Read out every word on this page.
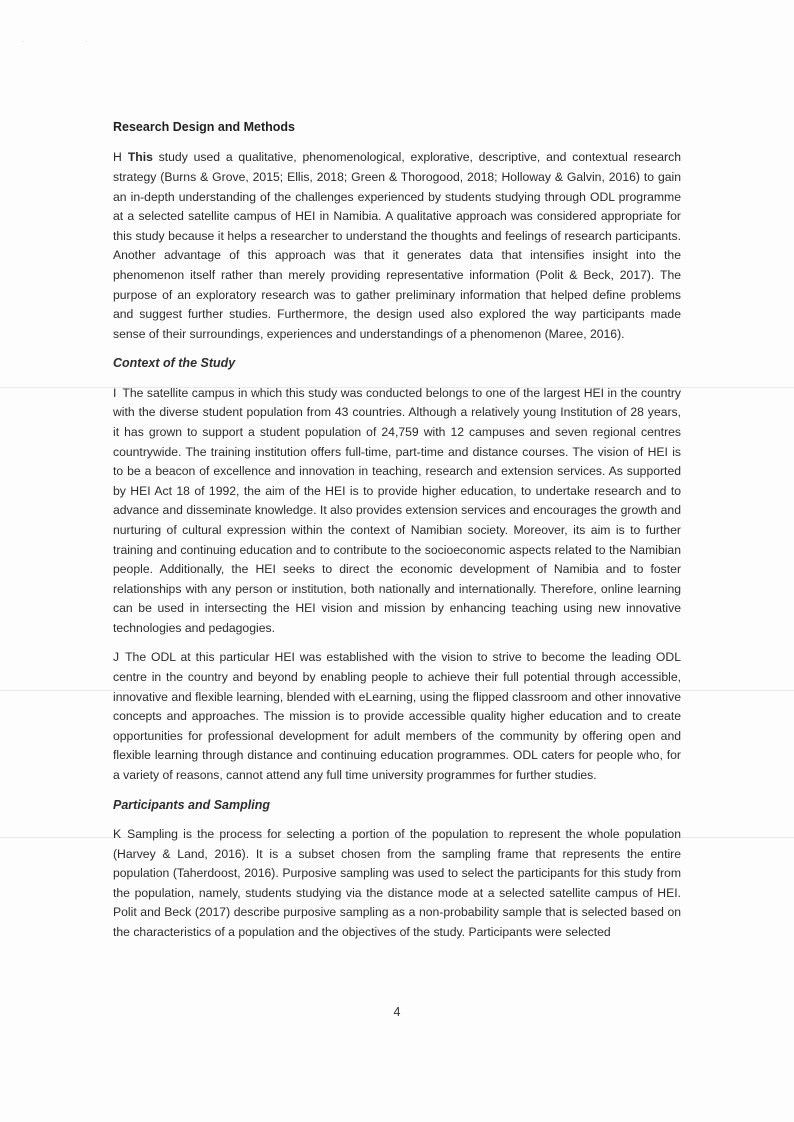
. .
Research Design and Methods

H This study used a qualitative, phenomenological, explorative, descriptive, and contextual research strategy (Burns & Grove, 2015; Ellis, 2018; Green & Thorogood, 2018; Holloway & Galvin, 2016) to gain an in-depth understanding of the challenges experienced by students studying through ODL programme at a selected satellite campus of HEI in Namibia. A qualitative approach was considered appropriate for this study because it helps a researcher to understand the thoughts and feelings of research participants. Another advantage of this approach was that it generates data that intensifies insight into the phenomenon itself rather than merely providing representative information (Polit & Beck, 2017). The purpose of an exploratory research was to gather preliminary information that helped define problems and suggest further studies. Furthermore, the design used also explored the way participants made sense of their surroundings, experiences and understandings of a phenomenon (Maree, 2016).

Context of the Study

I The satellite campus in which this study was conducted belongs to one of the largest HEI in the country with the diverse student population from 43 countries. Although a relatively young Institution of 28 years, it has grown to support a student population of 24,759 with 12 campuses and seven regional centres countrywide. The training institution offers full-time, part-time and distance courses. The vision of HEI is to be a beacon of excellence and innovation in teaching, research and extension services. As supported by HEI Act 18 of 1992, the aim of the HEI is to provide higher education, to undertake research and to advance and disseminate knowledge. It also provides extension services and encourages the growth and nurturing of cultural expression within the context of Namibian society. Moreover, its aim is to further training and continuing education and to contribute to the socioeconomic aspects related to the Namibian people. Additionally, the HEI seeks to direct the economic development of Namibia and to foster relationships with any person or institution, both nationally and internationally. Therefore, online learning can be used in intersecting the HEI vision and mission by enhancing teaching using new innovative technologies and pedagogies.

J The ODL at this particular HEI was established with the vision to strive to become the leading ODL centre in the country and beyond by enabling people to achieve their full potential through accessible, innovative and flexible learning, blended with eLearning, using the flipped classroom and other innovative concepts and approaches. The mission is to provide accessible quality higher education and to create opportunities for professional development for adult members of the community by offering open and flexible learning through distance and continuing education programmes. ODL caters for people who, for a variety of reasons, cannot attend any full time university programmes for further studies.

Participants and Sampling

K Sampling is the process for selecting a portion of the population to represent the whole population (Harvey & Land, 2016). It is a subset chosen from the sampling frame that represents the entire population (Taherdoost, 2016). Purposive sampling was used to select the participants for this study from the population, namely, students studying via the distance mode at a selected satellite campus of HEI. Polit and Beck (2017) describe purposive sampling as a non-probability sample that is selected based on the characteristics of a population and the objectives of the study. Participants were selected

4
